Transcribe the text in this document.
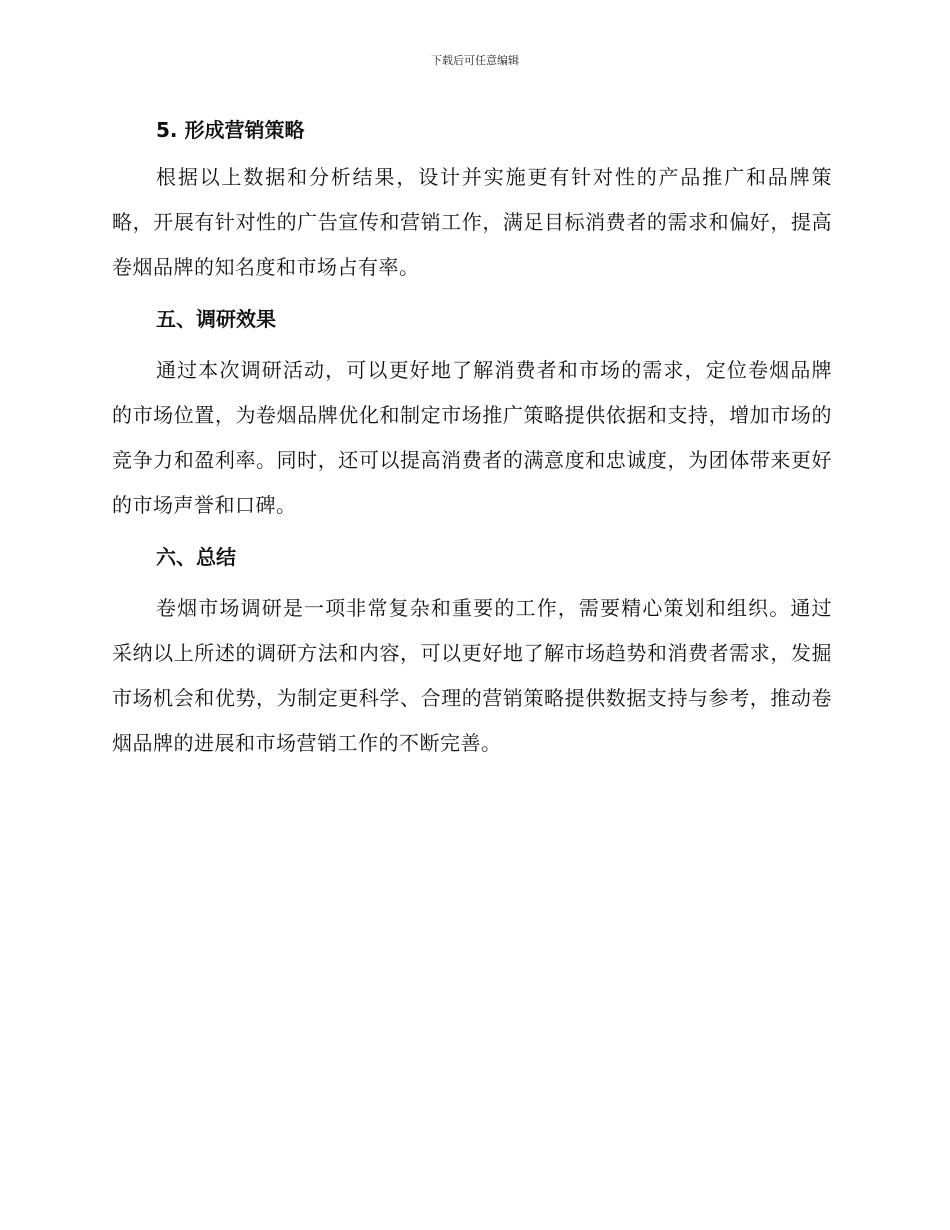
下载后可任意编辑
5. 形成营销策略

根据以上数据和分析结果，设计并实施更有针对性的产品推广和品牌策略，开展有针对性的广告宣传和营销工作，满足目标消费者的需求和偏好，提高卷烟品牌的知名度和市场占有率。

五、调研效果

通过本次调研活动，可以更好地了解消费者和市场的需求，定位卷烟品牌的市场位置，为卷烟品牌优化和制定市场推广策略提供依据和支持，增加市场的竞争力和盈利率。同时，还可以提高消费者的满意度和忠诚度，为团体带来更好的市场声誉和口碑。

六、总结

卷烟市场调研是一项非常复杂和重要的工作，需要精心策划和组织。通过采纳以上所述的调研方法和内容，可以更好地了解市场趋势和消费者需求，发掘市场机会和优势，为制定更科学、合理的营销策略提供数据支持与参考，推动卷烟品牌的进展和市场营销工作的不断完善。
